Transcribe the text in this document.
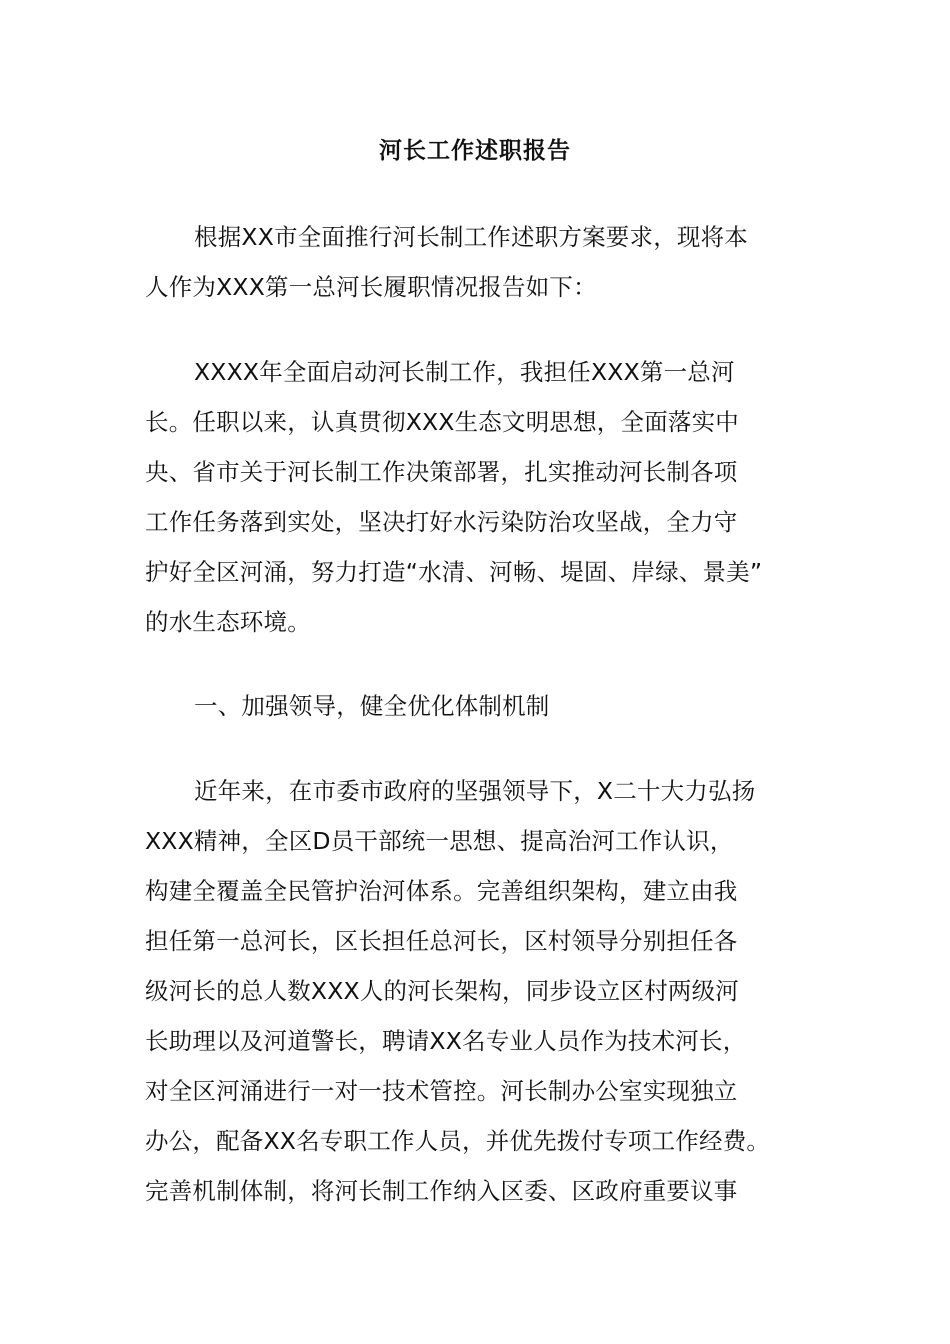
河长工作述职报告
根据XX市全面推行河长制工作述职方案要求，现将本
人作为XXX第一总河长履职情况报告如下：
XXXX年全面启动河长制工作，我担任XXX第一总河
长。任职以来，认真贯彻XXX生态文明思想，全面落实中
央、省市关于河长制工作决策部署，扎实推动河长制各项
工作任务落到实处，坚决打好水污染防治攻坚战，全力守
护好全区河涌，努力打造“水清、河畅、堤固、岸绿、景美”
的水生态环境。
一、加强领导，健全优化体制机制
近年来，在市委市政府的坚强领导下，X二十大力弘扬
XXX精神，全区D员干部统一思想、提高治河工作认识，
构建全覆盖全民管护治河体系。完善组织架构，建立由我
担任第一总河长，区长担任总河长，区村领导分别担任各
级河长的总人数XXX人的河长架构，同步设立区村两级河
长助理以及河道警长，聘请XX名专业人员作为技术河长，
对全区河涌进行一对一技术管控。河长制办公室实现独立
办公，配备XX名专职工作人员，并优先拨付专项工作经费。
完善机制体制，将河长制工作纳入区委、区政府重要议事
